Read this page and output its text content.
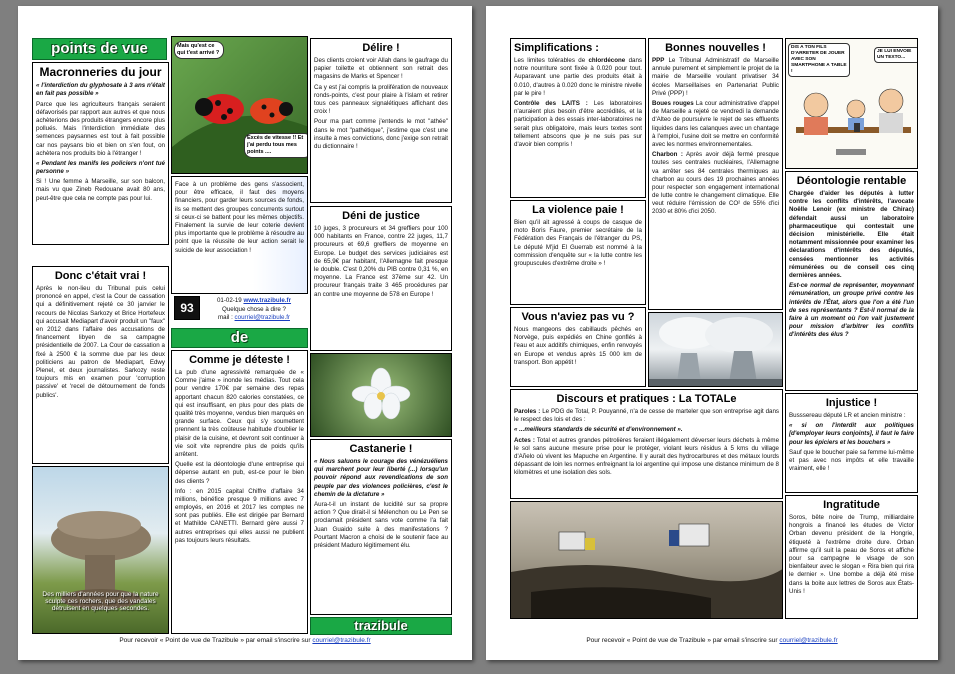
points de vue
Macronneries du jour

« l'interdiction du glyphosate à 3 ans n'était en fait pas possible »

Parce que les agriculteurs français seraient défavorisés par rapport aux autres et que nous achèterions des produits étrangers encore plus pollués. Mais l'interdiction immédiate des semences paysannes est tout à fait possible car nos paysans bio et bien on s'en fout, on achètera nos produits bio à l'étranger !

« Pendant les manifs les policiers n'ont tué personne »

Si ! Une femme à Marseille, sur son balcon, mais vu que Zineb Redouane avait 80 ans, peut-être que cela ne compte pas pour lui.

Donc c'était vrai !

Après le non-lieu du Tribunal puis celui prononcé en appel, c'est la Cour de cassation qui a définitivement rejeté ce 30 janvier le recours de Nicolas Sarkozy et Brice Hortefeux qui accusait Mediapart d'avoir produit un "faux" en 2012 dans l'affaire des accusations de financement libyen de sa campagne présidentielle de 2007. La Cour de cassation a fixé à 2500 € la somme due par les deux politiciens au patron de Mediapart, Edwy Plenel, et deux journalistes. Sarkozy reste toujours mis en examen pour 'corruption passive' et 'recel de détournement de fonds publics'.

Des milliers d'années pour que la nature sculpte ces rochers, que des vandales détruisent en quelques secondes.
Mais qu'est ce qui t'est arrivé ?
Excès de vitesse !! Et j'ai perdu tous mes points ....

Face à un problème des gens s'associent, pour être efficace, il faut des moyens financiers, pour garder leurs sources de fonds, ils se mettent des groupes concurrents surtout si ceux-ci se battent pour les mêmes objectifs. Finalement la survie de leur coterie devient plus importante que le problème à résoudre au point que la réussite de leur action serait le suicide de leur association !

93
01-02-19 www.trazibule.fr
Quelque chose à dire ?
mail : courriel@trazibule.fr
de
Comme je déteste !

La pub d'une agressivité remarquée de « Comme j'aime » inonde les médias. Tout cela pour vendre 170€ par semaine des repas apportant chacun 820 calories constatées, ce qui est insuffisant, en plus pour des plats de qualité très moyenne, vendus bien marqués en grande surface. Ceux qui s'y soumettent prennent la très coûteuse habitude d'oublier le plaisir de la cuisine, et devront soit continuer à vie soit vite reprendre plus de poids qu'ils arrêtent.

Quelle est la déontologie d'une entreprise qui dépense autant en pub, est-ce pour le bien des clients ?

Info : en 2015 capital Chiffre d'affaire 34 millions, bénéfice presque 9 millions avec 7 employés, en 2016 et 2017 les comptes ne sont pas publiés. Elle est dirigée par Bernard et Mathilde CANETTI. Bernard gère aussi 7 autres entreprises qui elles aussi ne publient pas toujours leurs résultats.

Délire !

Des clients croient voir Allah dans le gaufrage du papier toilette et obtiennent son retrait des magasins de Marks et Spencer !

Ca y est j'ai compris la prolifération de nouveaux ronds-points, c'est pour plaire à l'islam et retirer tous ces panneaux signalétiques affichant des croix !

Pour ma part comme j'entends le mot "athée" dans le mot "pathétique", j'estime que c'est une insulte à mes convictions, donc j'exige son retrait du dictionnaire !

Déni de justice

10 juges, 3 procureurs et 34 greffiers pour 100 000 habitants en France, contre 22 juges, 11,7 procureurs et 69,6 greffiers de moyenne en Europe. Le budget des services judiciaires est de 65,9€ par habitant, l'Allemagne fait presque le double. C'est 0,20% du PIB contre 0,31 %, en moyenne. La France est 37ème sur 42. Un procureur français traite 3 465 procédures par an contre une moyenne de 578 en Europe !

Castanerie !

« Nous saluons le courage des vénézuéliens qui marchent pour leur liberté (...) lorsqu'un pouvoir répond aux revendications de son peuple par des violences policières, c'est le chemin de la dictature »

Aura-t-il un instant de lucidité sur sa propre action ? Que dirait-il si Mélenchon ou Le Pen se proclamait président sans vote comme l'a fait Juan Guaido suite à des manifestations ? Pourtant Macron a choisi de le soutenir face au président Maduro légitimement élu.

trazibule
Pour recevoir « Point de vue de Trazibule » par email s'inscrire sur courriel@trazibule.fr
Simplifications :

Les limites tolérables de chlordécone dans notre nourriture sont fixée à 0.020 pour tout. Auparavant une partie des produits était à 0.010, d'autres à 0.020 donc le ministre nivelle par le pire !

Contrôle des LAITS : Les laboratoires n'auraient plus besoin d'être accrédités, et la participation à des essais inter-laboratoires ne serait plus obligatoire, mais leurs textes sont tellement abscons que je ne suis pas sur d'avoir bien compris !

La violence paie !

Bien qu'il ait agressé à coups de casque de moto Boris Faure, premier secrétaire de la Fédération des Français de l'étranger du PS, Le député M'jid El Guerrab est nommé à la commission d'enquête sur « la lutte contre les groupuscules d'extrême droite » !

Vous n'aviez pas vu ?

Nous mangeons des cabillauds pêchés en Norvège, puis expédiés en Chine gonflés à l'eau et aux additifs chimiques, enfin renvoyés en Europe et vendus après 15 000 km de transport. Bon appétit !

Bonnes nouvelles !

PPP Le Tribunal Administratif de Marseille annule purement et simplement le projet de la mairie de Marseille voulant privatiser 34 écoles Marseillaises en Partenariat Public Privé (PPP) !

Boues rouges La cour administrative d'appel de Marseille a rejeté ce vendredi la demande d'Alteo de poursuivre le rejet de ses effluents liquides dans les calanques avec un chantage à l'emploi, l'usine doit se mettre en conformité avec les normes environnementales.

Charbon : Après avoir déjà fermé presque toutes ses centrales nucléaires, l'Allemagne va arrêter ses 84 centrales thermiques au charbon au cours des 19 prochaines années pour respecter son engagement international de lutte contre le changement climatique. Elle veut réduire l'émission de CO² de 55% d'ici 2030 et 80% d'ici 2050.

DIS A TON FILS D'ARRETER DE JOUER AVEC SON SMARTPHONE A TABLE !
JE LUI ENVOIE UN TEXTO...
Déontologie rentable

Chargée d'aider les députés à lutter contre les conflits d'intérêts, l'avocate Noëlle Lenoir (ex ministre de Chirac) défendait aussi un laboratoire pharmaceutique qui contestait une décision ministérielle. Elle était notamment missionnée pour examiner les déclarations d'intérêts des députés, censées mentionner les activités rémunérées ou de conseil ces cinq dernières années.

Est-ce normal de représenter, moyennant rémunération, un groupe privé contre les intérêts de l'État, alors que l'on a été l'un de ses représentants ? Est-il normal de la faire à un moment où l'on vait justement pour mission d'arbitrer les conflits d'intérêts des élus ?

Discours et pratiques : La TOTALe

Paroles : Le PDG de Total, P. Pouyanné, n'a de cesse de marteler que son entreprise agit dans le respect des lois et des :

« ...meilleurs standards de sécurité et d'environnement ».

Actes : Total et autres grandes pétrolières feraient illégalement déverser leurs déchets à même le sol sans aucune mesure prise pour le protéger, violant leurs résidus à 5 kms du village d'Añelo où vivent les Mapuche en Argentine. Il y aurait des hydrocarbures et des métaux lourds dépassant de loin les normes enfreignant la loi argentine qui impose une distance minimum de 8 kilomètres et une isolation des sols.

Injustice !

Busssereau député LR et ancien ministre :

« si on l'interdit aux politiques [d'employer leurs conjoints], il faut le faire pour les épiciers et les bouchers »

Sauf que le boucher paie sa femme lui-même et pas avec nos impôts et elle travaille vraiment, elle !

Ingratitude

Soros, bête noire de Trump, milliardaire hongrois a financé les études de Victor Orban devenu président de la Hongrie, étiqueté à l'extrême droite dure. Orban affirme qu'il suit la peau de Soros et affiche pour sa campagne le visage de son bienfaiteur avec le slogan « Rira bien qui rira le dernier ». Une bombe a déjà été mise dans la boite aux lettres de Soros aux États-Unis !

Pour recevoir « Point de vue de Trazibule » par email s'inscrire sur courriel@trazibule.fr
